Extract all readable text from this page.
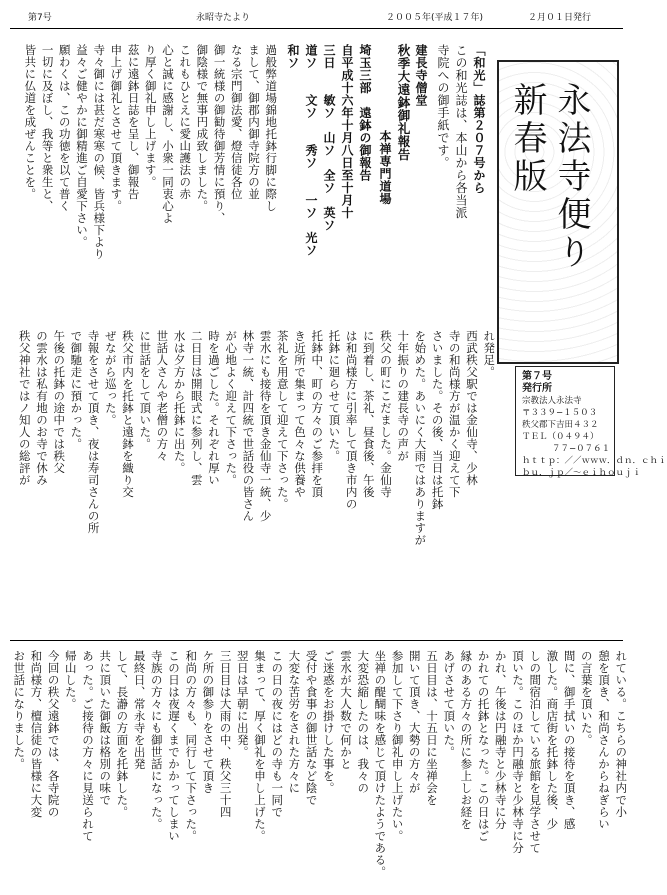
第7号	永昭寺たより	２００５年(平成１７年)	２月０１日発行
「和光」誌第２０７号から
この和光誌は、本山から各当派
寺院への御手紙です。
建長寺僧堂
秋季大遠鉢御礼報告
本禅専門道場
埼玉三部　遠鉢の御報告
自平成十六年十月八日至十月十
三日　　敏ソ　山ソ　全ソ　英ソ
道ソ　　文ソ　　秀ソ　　一ソ　光ソ
和ソ
過般弊道場錦地托鉢行脚に際し
まして、御郡内御寺院方の並
なる宗門御法愛、燈信徒各位
御一統様の御勧待御芳情に預り、
御陰様で無事円成致しました。
これもひとえに愛山護法の赤
心と誠に感謝し、小衆一同衷心よ
り厚く御礼申し上げます。
茲に遠鉢日誌を呈し、御報告
申上げ御礼とさせて頂きます。
寺々御には甚だ寒寒の候、皆兵様下より
益々ご健やかに御精進ご自愛下さい。
願わくは、この功徳を以て普く
一切に及ぼし、我等と衆生と、
皆共に仏道を成ぜんことを。	永法寺便り
新春版
第７号
発行所
宗教法人永法寺
〒３３９−１５０３
秩父郡下吉田４３２
ＴＥＬ（０４９４）
７７−０７６１
ｈｔｔｐ：／／ｗｗｗ．ｄｎ．ｃｈｉ
ｂｕ．ｊｐ／〜ｅｉｈｏｕｊｉ
れ発足。
西武秩父駅では金仙寺、少林
寺の和尚様方が温かく迎えて下
さいました。その後、当日は托鉢
を始めた。あいにく大雨ではありますが
十年振りの建長寺の声が
秩父の町にこだました。金仙寺
に到着し、茶礼、昼食後、午後
は和尚様方に引率して頂き市内の
托鉢に廻らせて頂いた。
托鉢中、町の方々のご参拝を頂
き近所で集まって色々な供養や
茶礼を用意して迎えて下さった。
雲水にも接待を頂き金仙寺一統、少
林寺一統、計四統で世話役の皆さん
が心地よく迎えて下さった。
時を過ごした。それぞれ厚い
二日目は開眼式に参列し、雲
水は夕方から托鉢に出た。
世話人さんや老僧の方々
に世話をして頂いた。
秩父市内を托鉢と遠鉢を織り交
ぜながら巡った。
寺報をさせて頂き、夜は寿司さんの所
で御馳走に預かった。
午後の托鉢の途中では秩父
の雲水は私有地のお寺で休み
秩父神社ではノ知人の総評が
れている。こちらの神社内で小
憩を頂き、和尚さんからねぎらい
の言葉を頂いた。
間に、御手拭いの接待を頂き、感
激した。商店街を托鉢した後、少
しの間宿泊している旅館を見学させて
頂いた。このほか円融寺と少林寺に分
かれ、午後は円融寺と少林寺に分
かれての托鉢となった。この日はご
縁のある方々の所に参上しお経を
あげさせて頂いた。
五日目は、十五日に坐禅会を
開いて頂き、大勢の方々が
参加して下さり御礼申し上げたい。
坐禅の醍醐味を感じて頂けたようである。
大変恐縮したのは、我々の
雲水が大人数で何かと
ご迷惑をお掛けした事を。
受付や食事の御世話など陰で
大変な苦労をされた方々に
この日の夜にはどの寺も一同で
集まって、厚く御礼を申し上げた。
翌日は早朝に出発。
三日目は大雨の中、秩父三十四
ケ所の御参りをさせて頂き
和尚の方々も、同行して下さった。
この日は夜遅くまでかかってしまい
寺族の方々にも御世話になった。
最終日、常永寺を出発
して、長瀞の方面を托鉢した。
共に頂いた御飯は格別の味で
あった。ご接待の方々に見送られて
帰山した。
今回の秩父遠鉢では、各寺院の
和尚様方、檀信徒の皆様に大変
お世話になりました。
